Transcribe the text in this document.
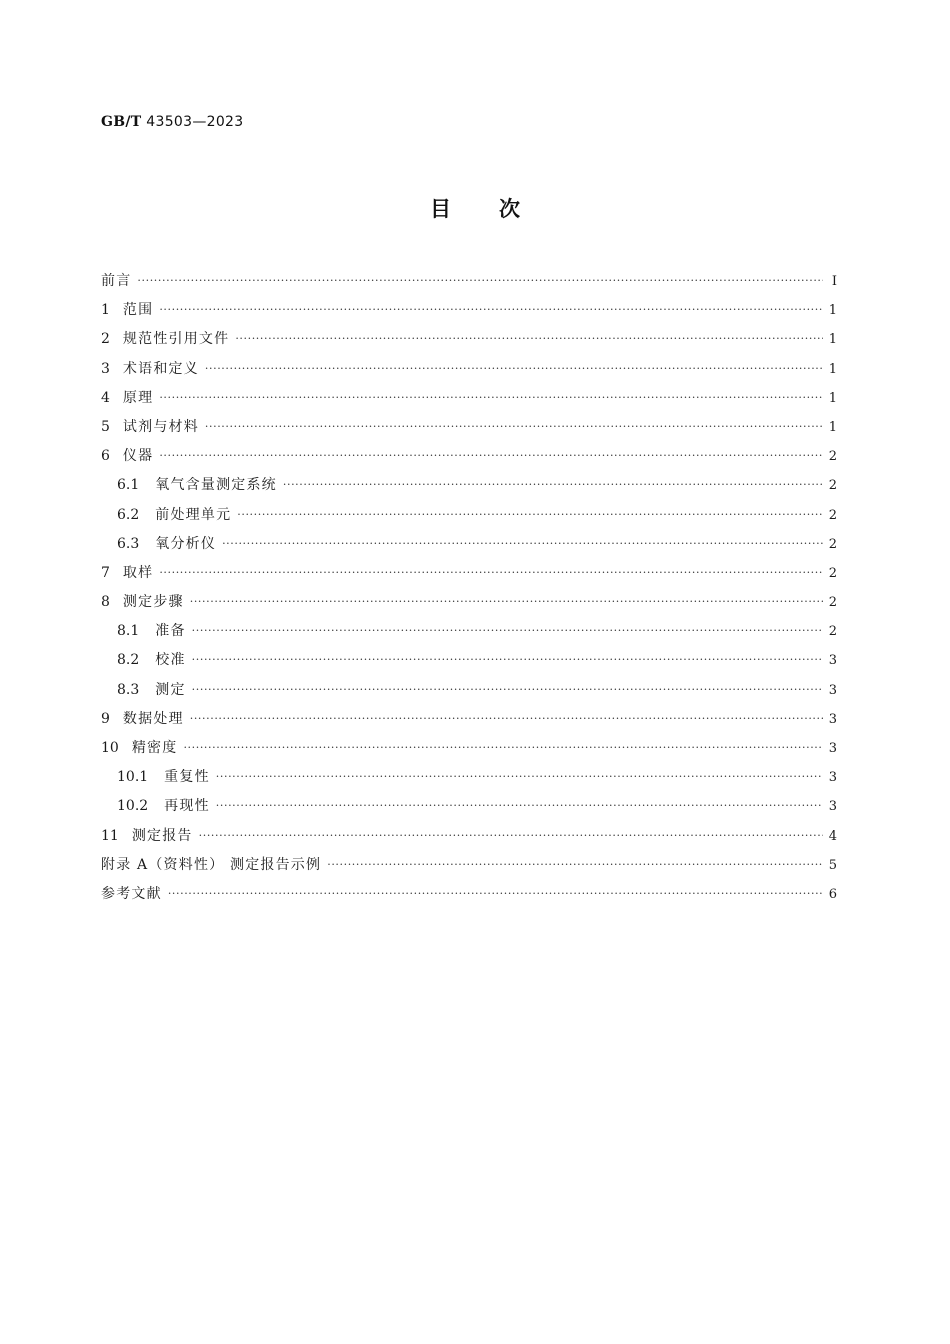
GB/T 43503—2023
目次
前言 ·····	I
1 范围 ·····	1
2 规范性引用文件 ·····	1
3 术语和定义 ·····	1
4 原理 ·····	1
5 试剂与材料 ·····	1
6 仪器 ·····	2
6.1	氧气含量测定系统 ·····	2
6.2	前处理单元 ·····	2
6.3	氧分析仪 ·····	2
7 取样 ·····	2
8 测定步骤 ·····	2
8.1	准备 ·····	2
8.2	校准 ·····	3
8.3	测定 ·····	3
9 数据处理 ·····	3
10 精密度 ·····	3
10.1	重复性 ·····	3
10.2	再现性 ·····	3
11 测定报告 ·····	4
附录 A（资料性） 测定报告示例 ·····	5
参考文献 ·····	6
